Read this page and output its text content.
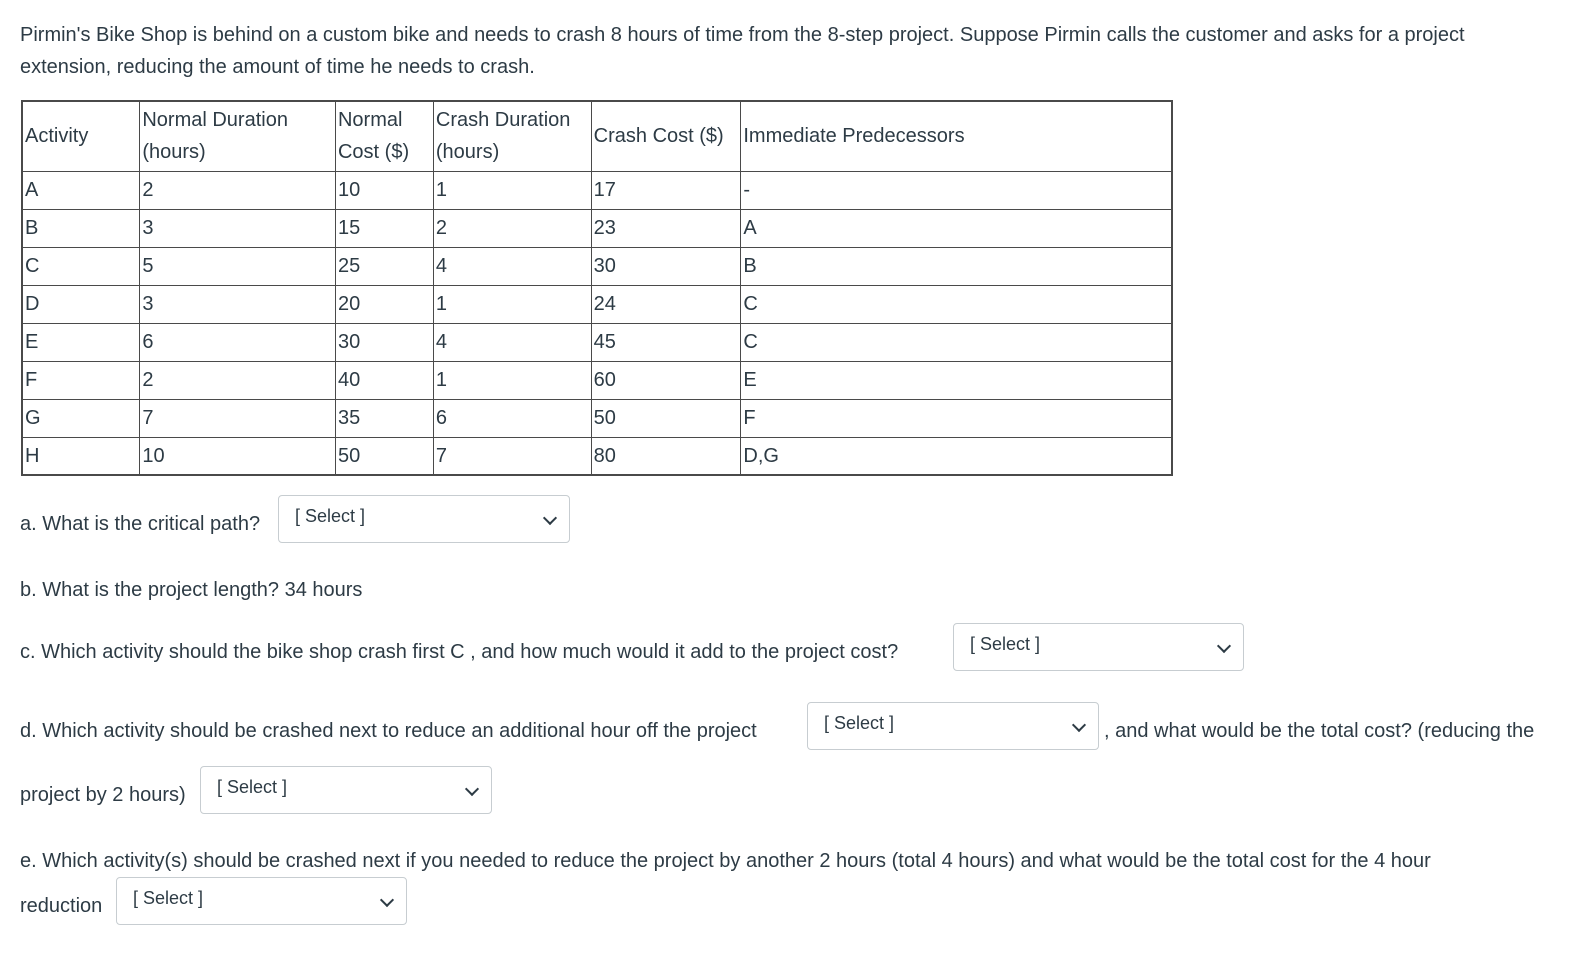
Pirmin's Bike Shop is behind on a custom bike and needs to crash 8 hours of time from the 8-step project. Suppose Pirmin calls the customer and asks for a project extension, reducing the amount of time he needs to crash.

Activity	Normal Duration (hours)	Normal Cost ($)	Crash Duration (hours)	Crash Cost ($)	Immediate Predecessors
A	2	10	1	17	-
B	3	15	2	23	A
C	5	25	4	30	B
D	3	20	1	24	C
E	6	30	4	45	C
F	2	40	1	60	E
G	7	35	6	50	F
H	10	50	7	80	D,G

a. What is the critical path?	[ Select ]

b. What is the project length? 34 hours

c. Which activity should the bike shop crash first C , and how much would it add to the project cost?	[ Select ]

d. Which activity should be crashed next to reduce an additional hour off the project	[ Select ]	, and what would be the total cost? (reducing the

project by 2 hours)	[ Select ]

e. Which activity(s) should be crashed next if you needed to reduce the project by another 2 hours (total 4 hours) and what would be the total cost for the 4 hour

reduction	[ Select ]
